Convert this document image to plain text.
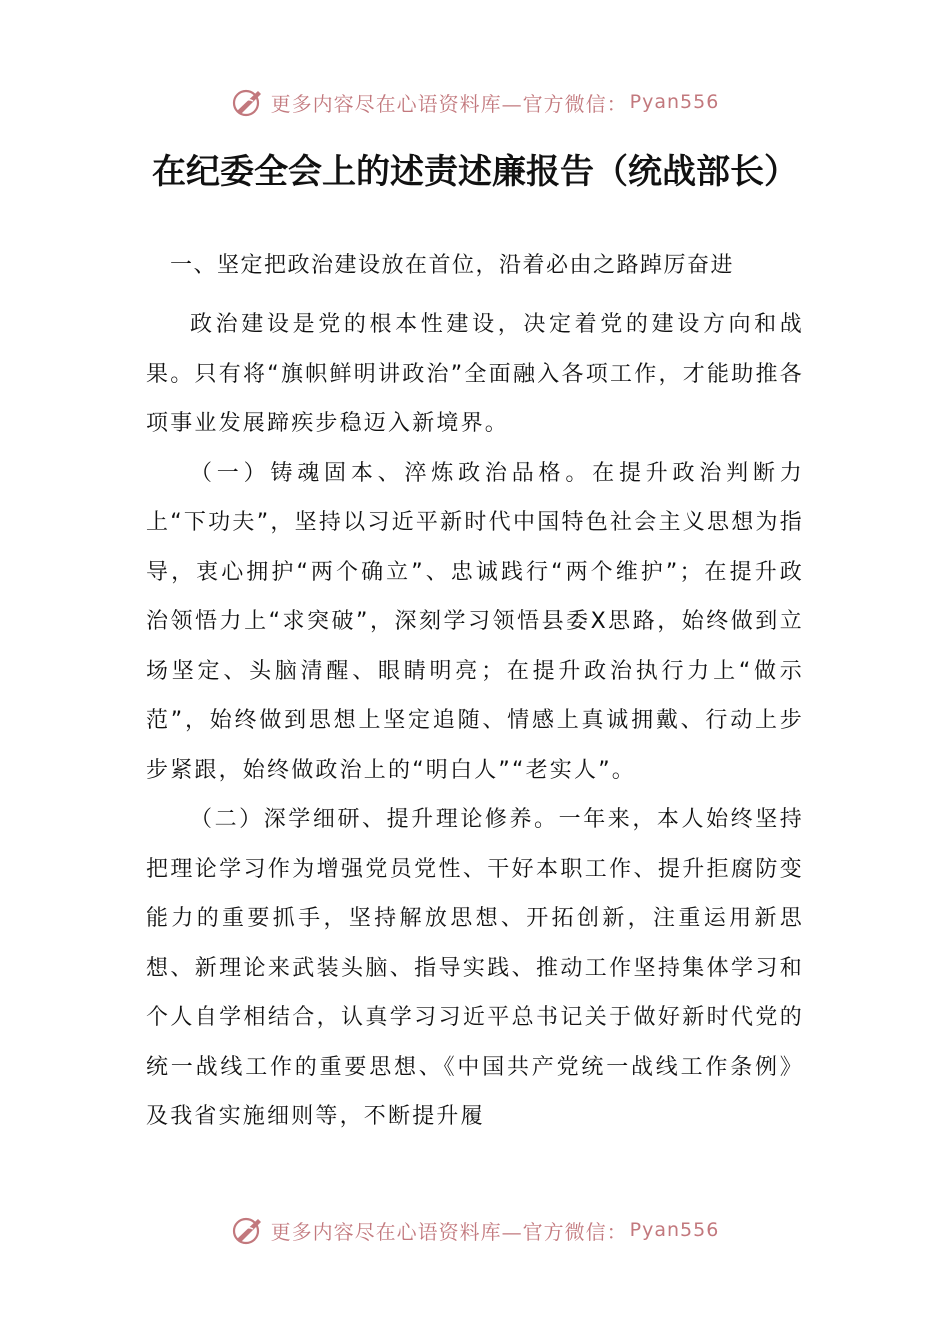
更多内容尽在心语资料库—官方微信： Pyan556
在纪委全会上的述责述廉报告（统战部长）
一、坚定把政治建设放在首位，沿着必由之路踔厉奋进

政治建设是党的根本性建设，决定着党的建设方向和战果。只有将“旗帜鲜明讲政治”全面融入各项工作，才能助推各项事业发展蹄疾步稳迈入新境界。

（一）铸魂固本、淬炼政治品格。在提升政治判断力上“下功夫”，坚持以习近平新时代中国特色社会主义思想为指导，衷心拥护“两个确立”、忠诚践行“两个维护”；在提升政治领悟力上“求突破”，深刻学习领悟县委X思路，始终做到立场坚定、头脑清醒、眼睛明亮；在提升政治执行力上“做示范”，始终做到思想上坚定追随、情感上真诚拥戴、行动上步步紧跟，始终做政治上的“明白人”“老实人”。

（二）深学细研、提升理论修养。一年来，本人始终坚持把理论学习作为增强党员党性、干好本职工作、提升拒腐防变能力的重要抓手，坚持解放思想、开拓创新，注重运用新思想、新理论来武装头脑、指导实践、推动工作坚持集体学习和个人自学相结合，认真学习习近平总书记关于做好新时代党的统一战线工作的重要思想、《中国共产党统一战线工作条例》及我省实施细则等，不断提升履

更多内容尽在心语资料库—官方微信： Pyan556
